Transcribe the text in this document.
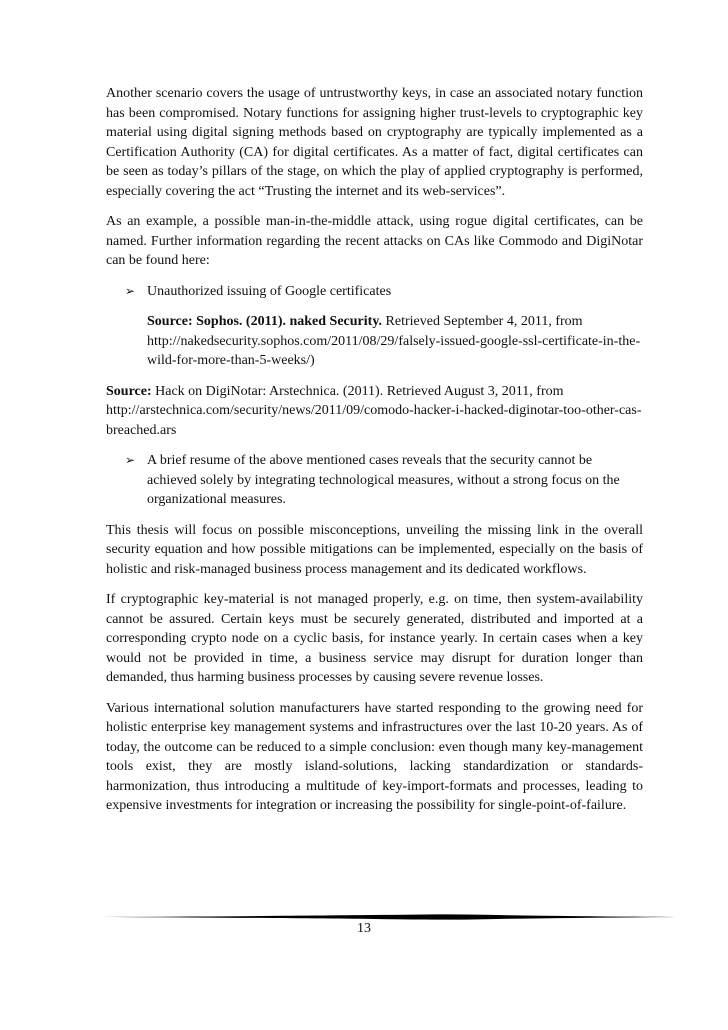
Another scenario covers the usage of untrustworthy keys, in case an associated notary function has been compromised. Notary functions for assigning higher trust-levels to cryptographic key material using digital signing methods based on cryptography are typically implemented as a Certification Authority (CA) for digital certificates. As a matter of fact, digital certificates can be seen as today’s pillars of the stage, on which the play of applied cryptography is performed, especially covering the act “Trusting the internet and its web-services”.

As an example, a possible man-in-the-middle attack, using rogue digital certificates, can be named. Further information regarding the recent attacks on CAs like Commodo and DigiNotar can be found here:

➢ Unauthorized issuing of Google certificates
Source: Sophos. (2011). naked Security. Retrieved September 4, 2011, from http://nakedsecurity.sophos.com/2011/08/29/falsely-issued-google-ssl-certificate-in-the-wild-for-more-than-5-weeks/)
Source: Hack on DigiNotar: Arstechnica. (2011). Retrieved August 3, 2011, from http://arstechnica.com/security/news/2011/09/comodo-hacker-i-hacked-diginotar-too-other-cas-breached.ars
➢ A brief resume of the above mentioned cases reveals that the security cannot be achieved solely by integrating technological measures, without a strong focus on the organizational measures.

This thesis will focus on possible misconceptions, unveiling the missing link in the overall security equation and how possible mitigations can be implemented, especially on the basis of holistic and risk-managed business process management and its dedicated workflows.

If cryptographic key-material is not managed properly, e.g. on time, then system-availability cannot be assured. Certain keys must be securely generated, distributed and imported at a corresponding crypto node on a cyclic basis, for instance yearly. In certain cases when a key would not be provided in time, a business service may disrupt for duration longer than demanded, thus harming business processes by causing severe revenue losses.

Various international solution manufacturers have started responding to the growing need for holistic enterprise key management systems and infrastructures over the last 10-20 years. As of today, the outcome can be reduced to a simple conclusion: even though many key-management tools exist, they are mostly island-solutions, lacking standardization or standards-harmonization, thus introducing a multitude of key-import-formats and processes, leading to expensive investments for integration or increasing the possibility for single-point-of-failure.

13
